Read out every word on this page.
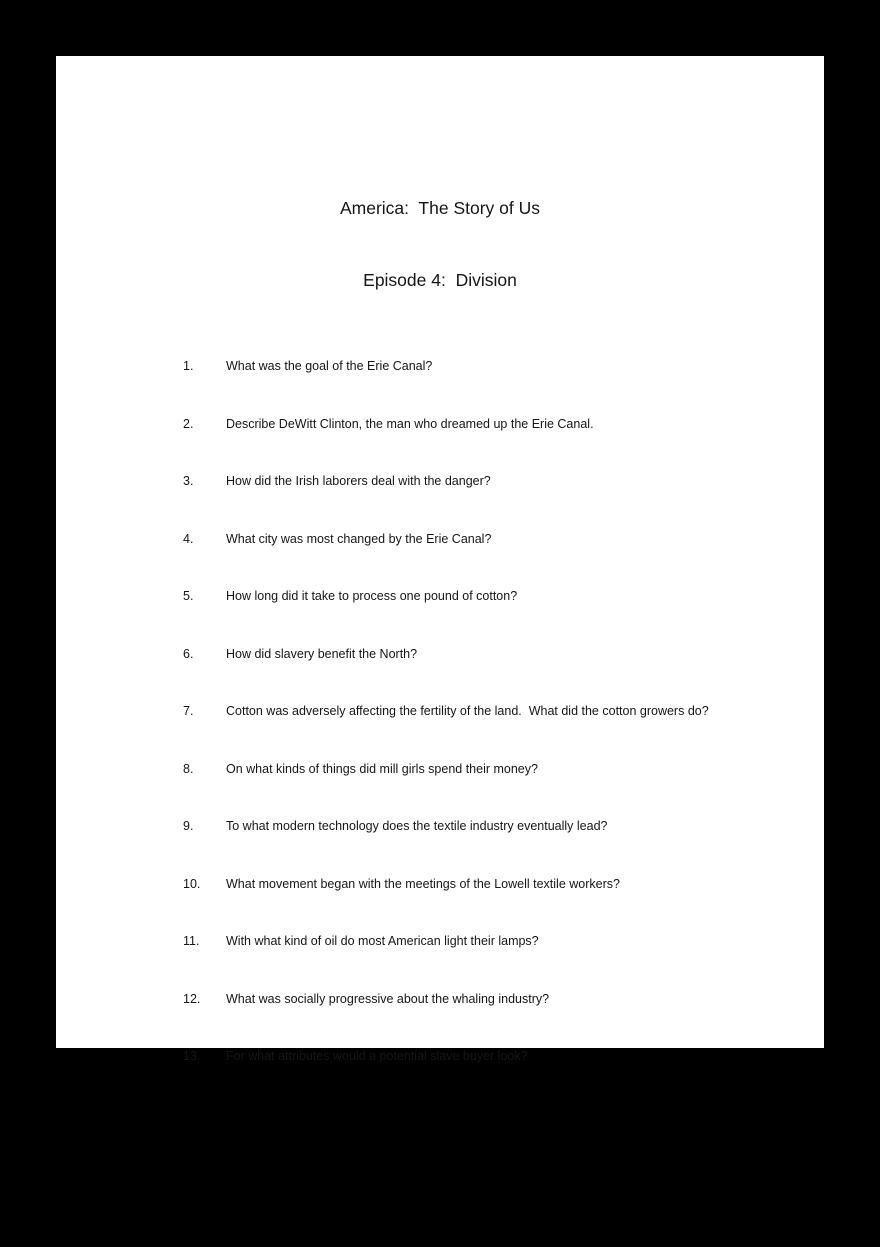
America:  The Story of Us

Episode 4:  Division

1.	What was the goal of the Erie Canal?
2.	Describe DeWitt Clinton, the man who dreamed up the Erie Canal.
3.	How did the Irish laborers deal with the danger?
4.	What city was most changed by the Erie Canal?
5.	How long did it take to process one pound of cotton?
6.	How did slavery benefit the North?
7.	Cotton was adversely affecting the fertility of the land.  What did the cotton growers do?
8.	On what kinds of things did mill girls spend their money?
9.	To what modern technology does the textile industry eventually lead?
10.	What movement began with the meetings of the Lowell textile workers?
11.	With what kind of oil do most American light their lamps?
12.	What was socially progressive about the whaling industry?
13.	For what attributes would a potential slave buyer look?
